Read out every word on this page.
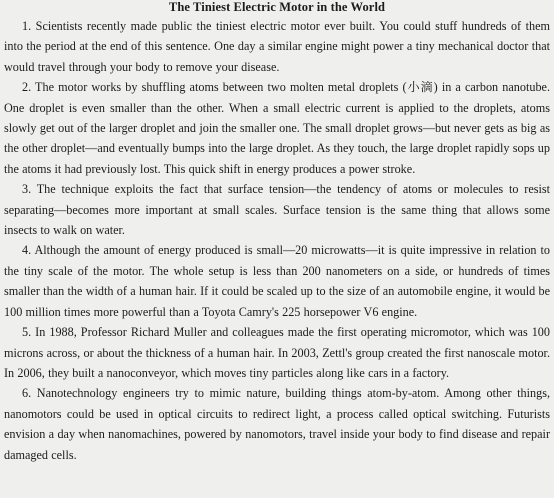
The Tiniest Electric Motor in the World

1. Scientists recently made public the tiniest electric motor ever built. You could stuff hundreds of them into the period at the end of this sentence. One day a similar engine might power a tiny mechanical doctor that would travel through your body to remove your disease.

2. The motor works by shuffling atoms between two molten metal droplets (小滴) in a carbon nanotube. One droplet is even smaller than the other. When a small electric current is applied to the droplets, atoms slowly get out of the larger droplet and join the smaller one. The small droplet grows—but never gets as big as the other droplet—and eventually bumps into the large droplet. As they touch, the large droplet rapidly sops up the atoms it had previously lost. This quick shift in energy produces a power stroke.

3. The technique exploits the fact that surface tension—the tendency of atoms or molecules to resist separating—becomes more important at small scales. Surface tension is the same thing that allows some insects to walk on water.

4. Although the amount of energy produced is small—20 microwatts—it is quite impressive in relation to the tiny scale of the motor. The whole setup is less than 200 nanometers on a side, or hundreds of times smaller than the width of a human hair. If it could be scaled up to the size of an automobile engine, it would be 100 million times more powerful than a Toyota Camry's 225 horsepower V6 engine.

5. In 1988, Professor Richard Muller and colleagues made the first operating micromotor, which was 100 microns across, or about the thickness of a human hair. In 2003, Zettl's group created the first nanoscale motor. In 2006, they built a nanoconveyor, which moves tiny particles along like cars in a factory.

6. Nanotechnology engineers try to mimic nature, building things atom-by-atom. Among other things, nanomotors could be used in optical circuits to redirect light, a process called optical switching. Futurists envision a day when nanomachines, powered by nanomotors, travel inside your body to find disease and repair damaged cells.
